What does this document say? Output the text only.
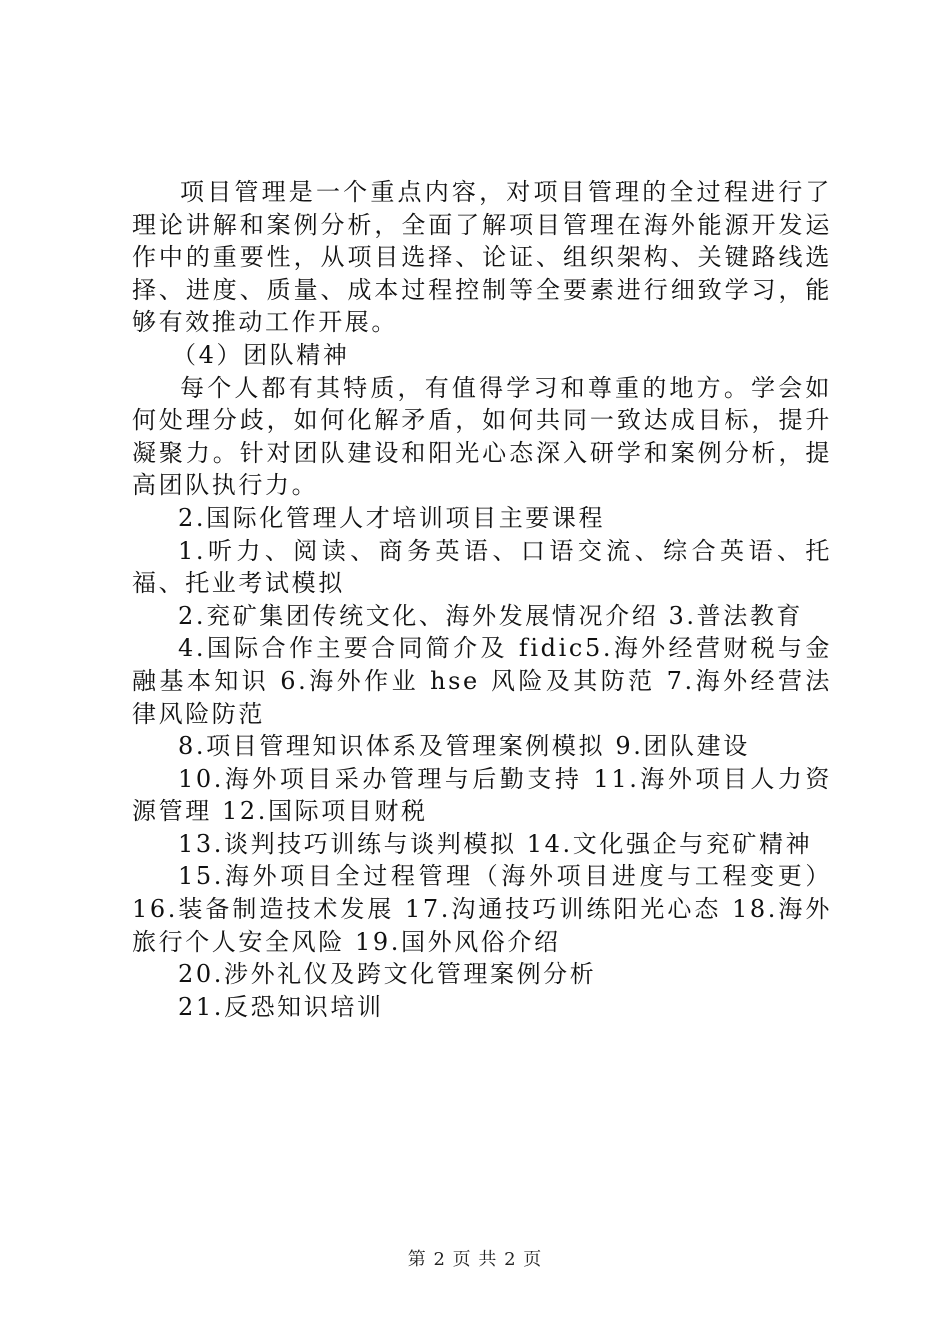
项目管理是一个重点内容，对项目管理的全过程进行了理论讲解和案例分析，全面了解项目管理在海外能源开发运作中的重要性，从项目选择、论证、组织架构、关键路线选择、进度、质量、成本过程控制等全要素进行细致学习，能够有效推动工作开展。

（4）团队精神

每个人都有其特质，有值得学习和尊重的地方。学会如何处理分歧，如何化解矛盾，如何共同一致达成目标，提升凝聚力。针对团队建设和阳光心态深入研学和案例分析，提高团队执行力。

2.国际化管理人才培训项目主要课程

1.听力、阅读、商务英语、口语交流、综合英语、托福、托业考试模拟

2.兖矿集团传统文化、海外发展情况介绍 3.普法教育

4.国际合作主要合同简介及 fidic5.海外经营财税与金融基本知识 6.海外作业 hse 风险及其防范 7.海外经营法律风险防范

8.项目管理知识体系及管理案例模拟 9.团队建设

10.海外项目采办管理与后勤支持 11.海外项目人力资源管理 12.国际项目财税

13.谈判技巧训练与谈判模拟 14.文化强企与兖矿精神

15.海外项目全过程管理（海外项目进度与工程变更）16.装备制造技术发展 17.沟通技巧训练阳光心态 18.海外旅行个人安全风险 19.国外风俗介绍

20.涉外礼仪及跨文化管理案例分析

21.反恐知识培训

第 2 页 共 2 页
